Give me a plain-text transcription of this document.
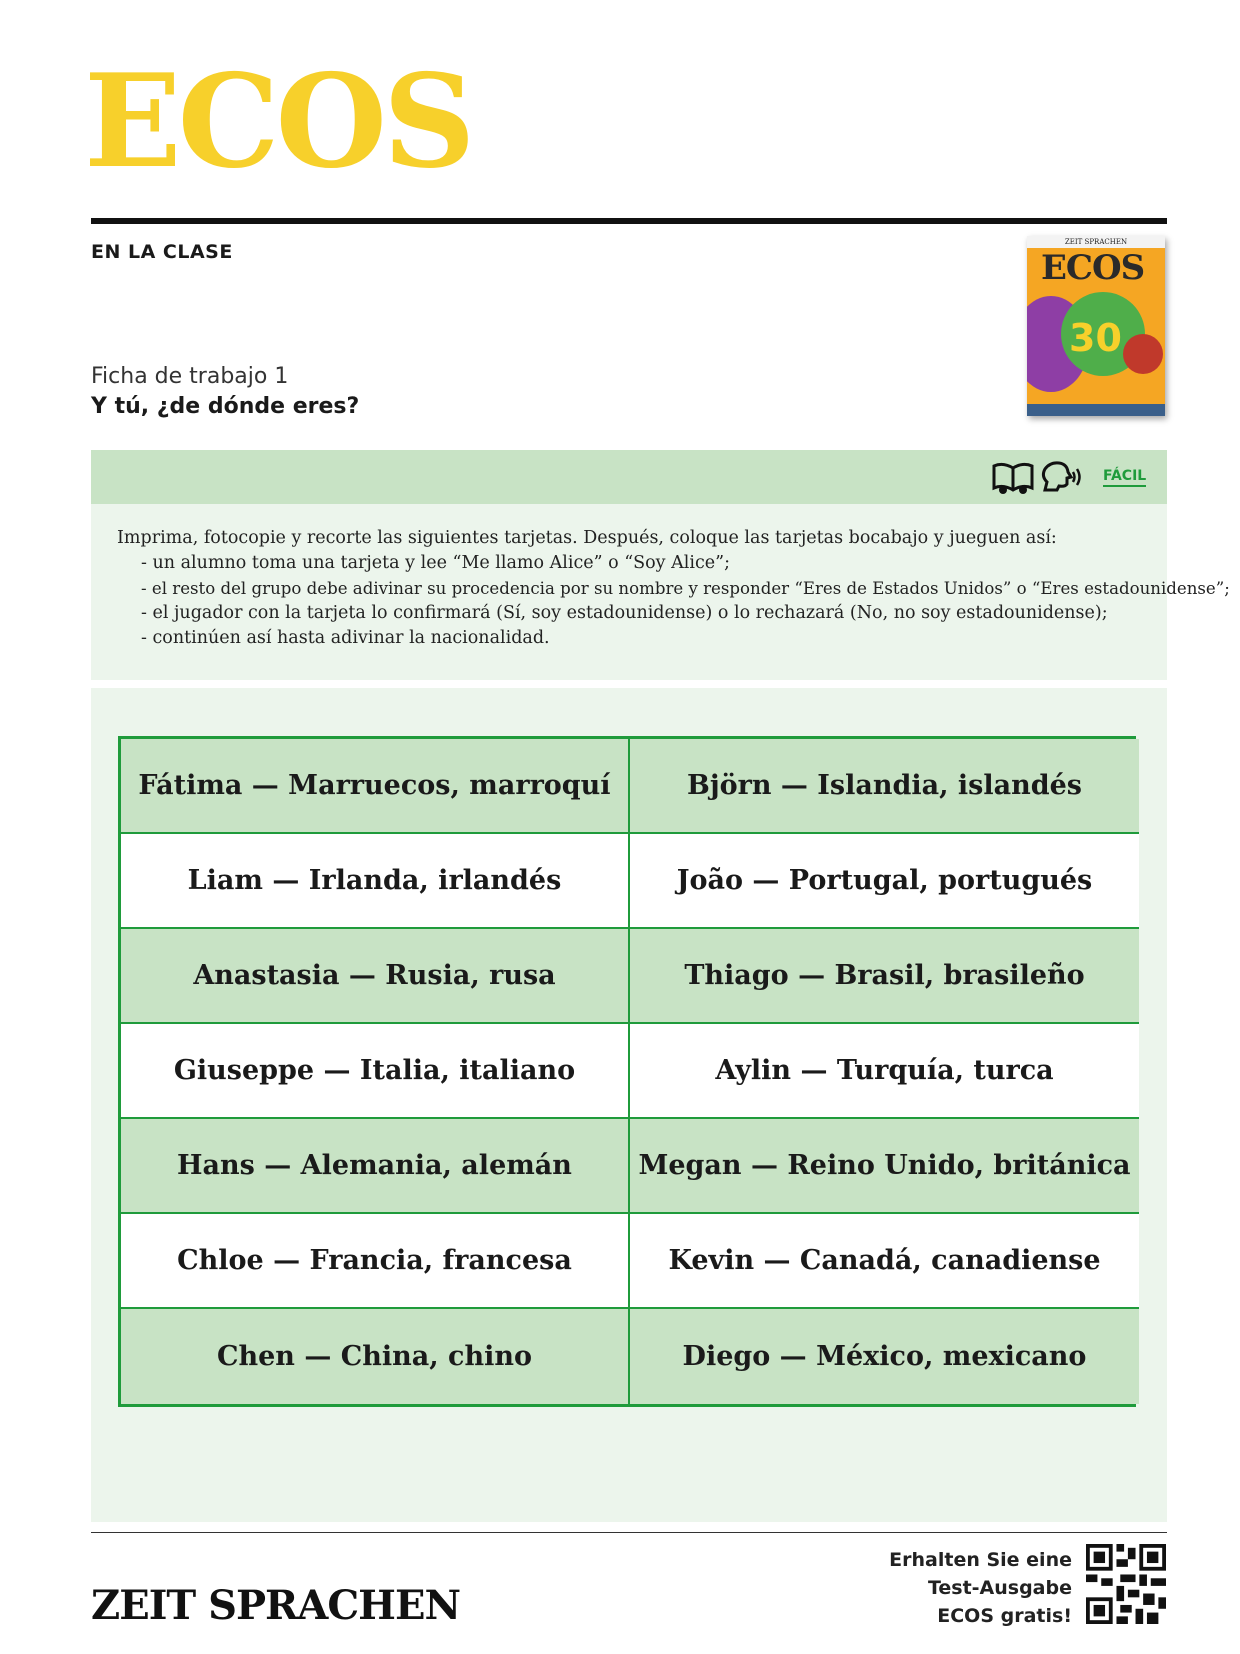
ECOS
EN LA CLASE
Ficha de trabajo 1
Y tú, ¿de dónde eres?
ZEIT SPRACHEN
ECOS
30
FÁCIL
Imprima, fotocopie y recorte las siguientes tarjetas. Después, coloque las tarjetas bocabajo y jueguen así:
- un alumno toma una tarjeta y lee “Me llamo Alice” o “Soy Alice”;
- el resto del grupo debe adivinar su procedencia por su nombre y responder “Eres de Estados Unidos” o “Eres estadounidense”;
- el jugador con la tarjeta lo confirmará (Sí, soy estadounidense) o lo rechazará (No, no soy estadounidense);
- continúen así hasta adivinar la nacionalidad.
Fátima — Marruecos, marroquí	Björn — Islandia, islandés
Liam — Irlanda, irlandés	João — Portugal, portugués
Anastasia — Rusia, rusa	Thiago — Brasil, brasileño
Giuseppe — Italia, italiano	Aylin — Turquía, turca
Hans — Alemania, alemán	Megan — Reino Unido, británica
Chloe — Francia, francesa	Kevin — Canadá, canadiense
Chen — China, chino	Diego — México, mexicano
ZEIT SPRACHEN
Erhalten Sie eine
Test-Ausgabe
ECOS gratis!
